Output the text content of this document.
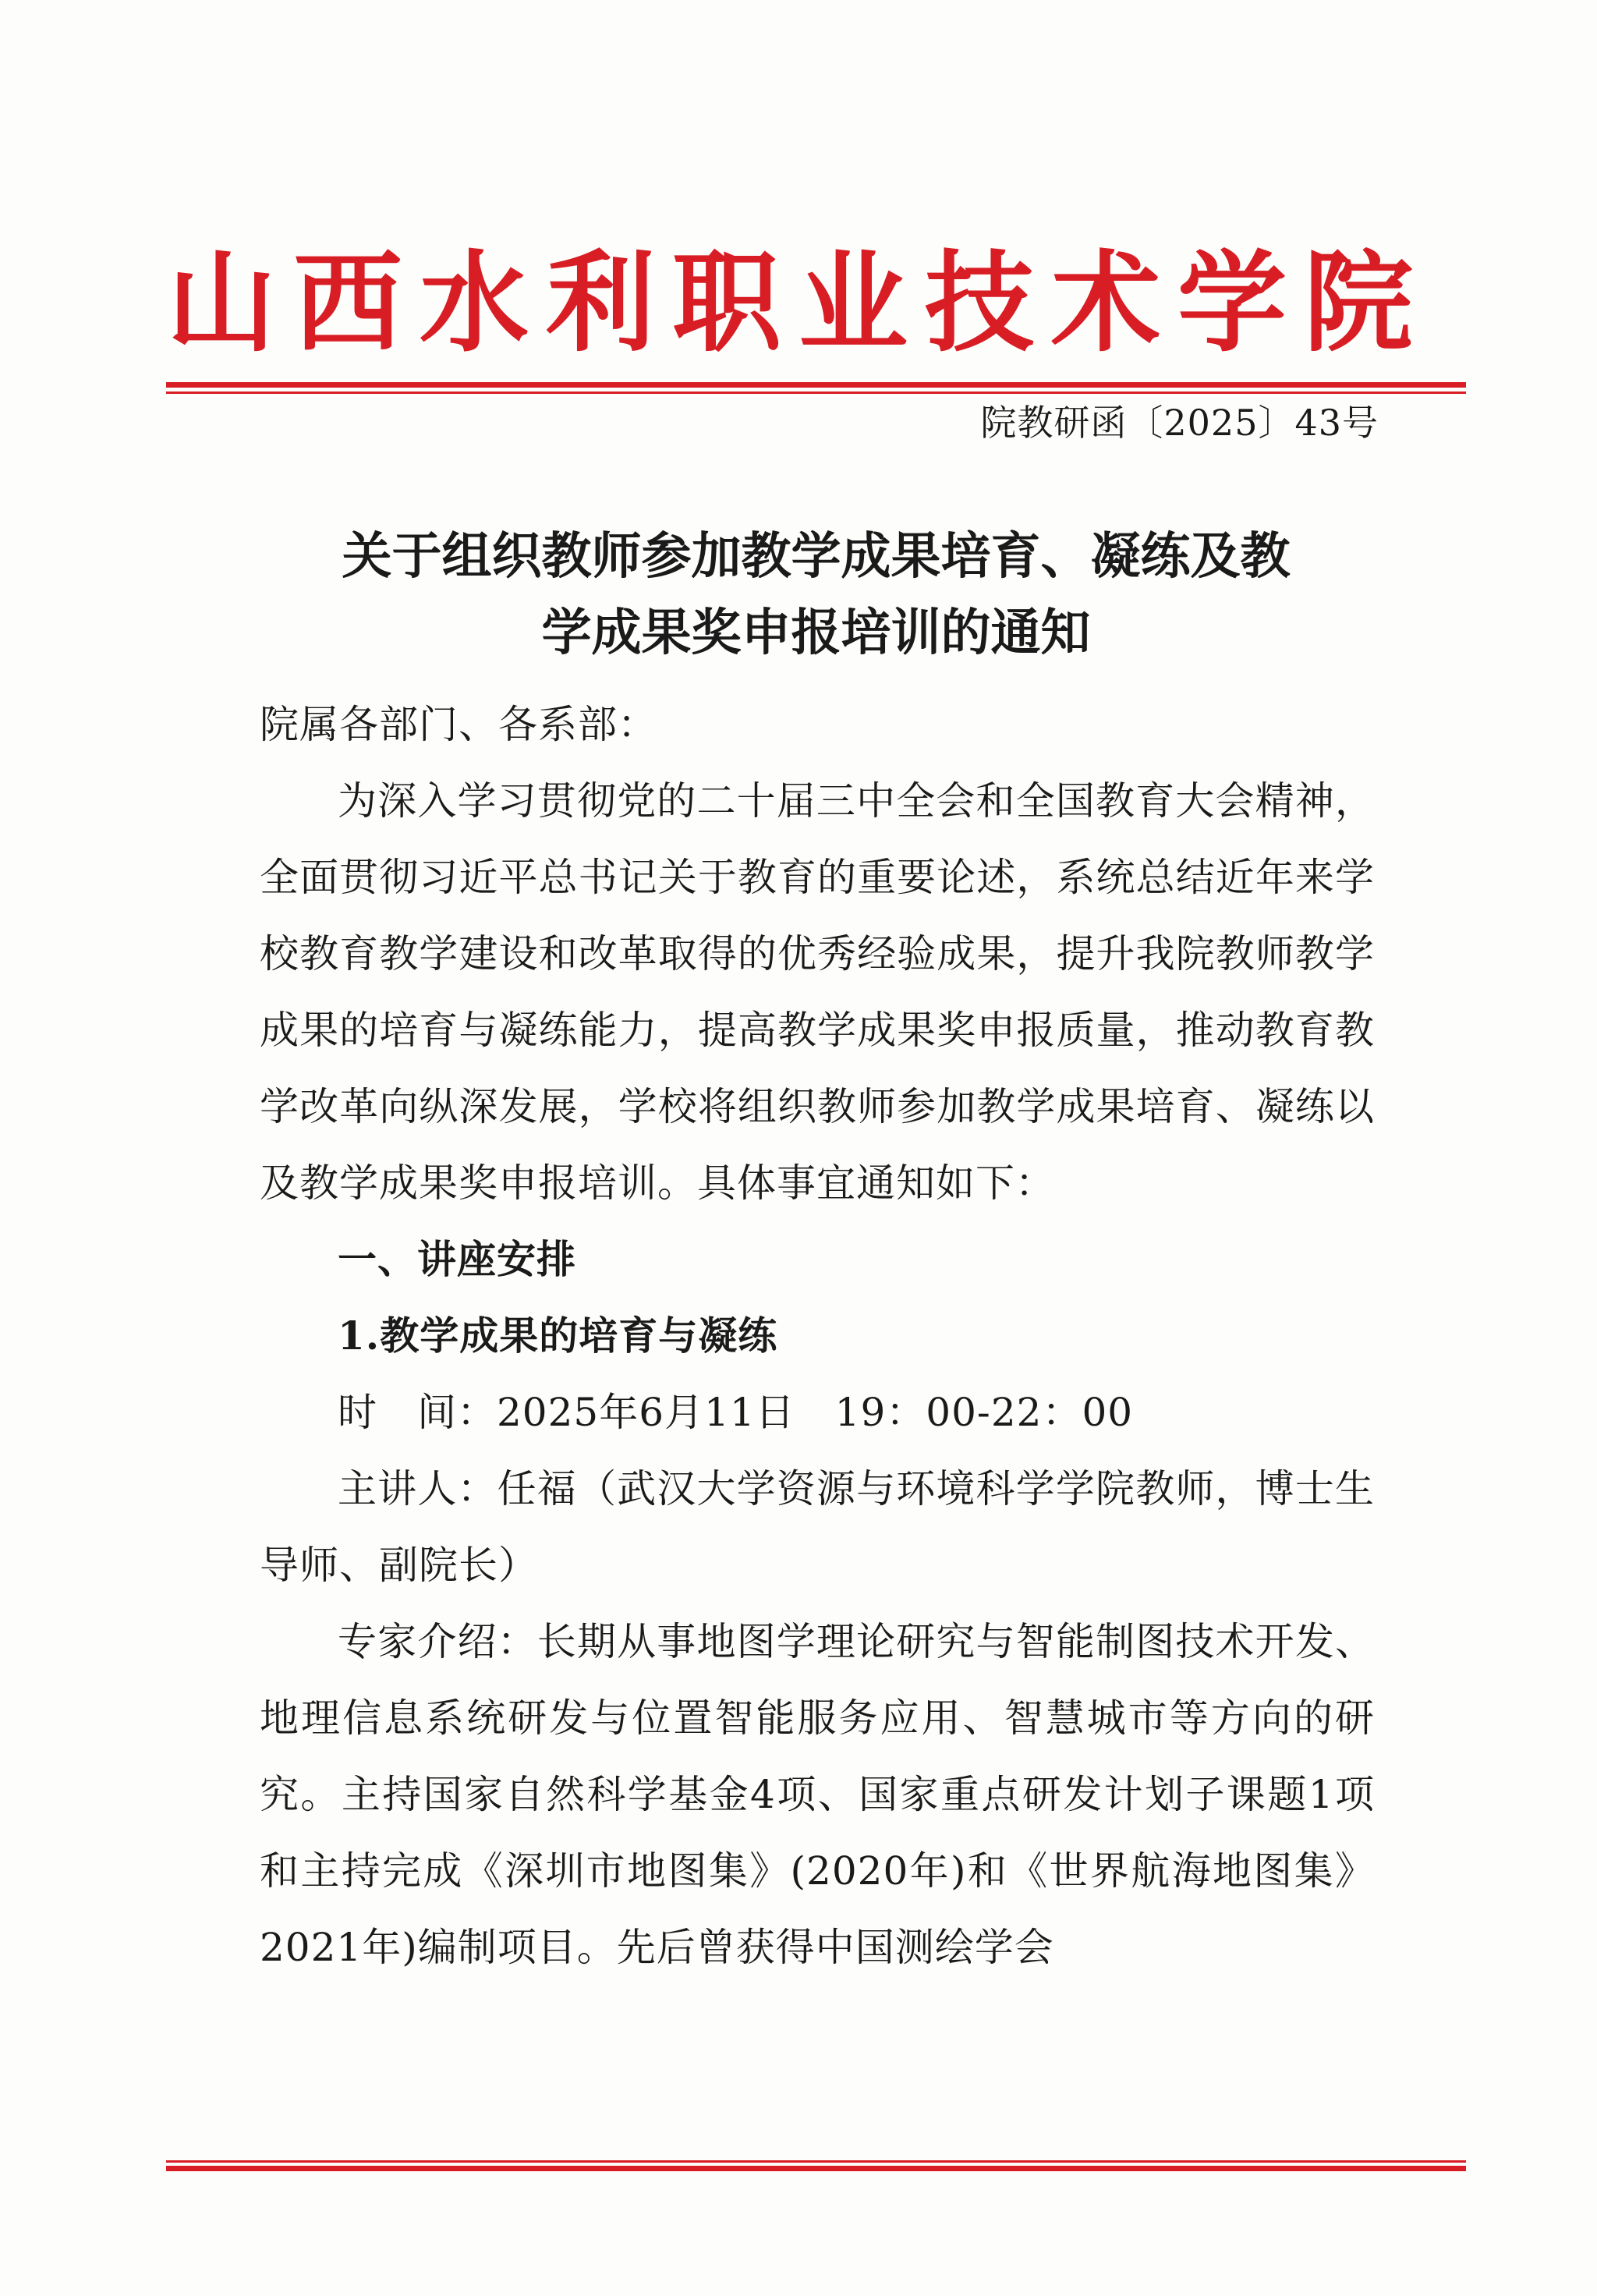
山西水利职业技术学院
院教研函〔2025〕43号
关于组织教师参加教学成果培育、凝练及教
学成果奖申报培训的通知

院属各部门、各系部：

为深入学习贯彻党的二十届三中全会和全国教育大会精神，全面贯彻习近平总书记关于教育的重要论述，系统总结近年来学校教育教学建设和改革取得的优秀经验成果，提升我院教师教学成果的培育与凝练能力，提高教学成果奖申报质量，推动教育教学改革向纵深发展，学校将组织教师参加教学成果培育、凝练以及教学成果奖申报培训。具体事宜通知如下：

一、讲座安排

1.教学成果的培育与凝练

时　间：2025年6月11日　19：00-22：00

主讲人：任福（武汉大学资源与环境科学学院教师，博士生导师、副院长）

专家介绍：长期从事地图学理论研究与智能制图技术开发、地理信息系统研发与位置智能服务应用、智慧城市等方向的研究。主持国家自然科学基金4项、国家重点研发计划子课题1项和主持完成《深圳市地图集》(2020年)和《世界航海地图集》2021年)编制项目。先后曾获得中国测绘学会
